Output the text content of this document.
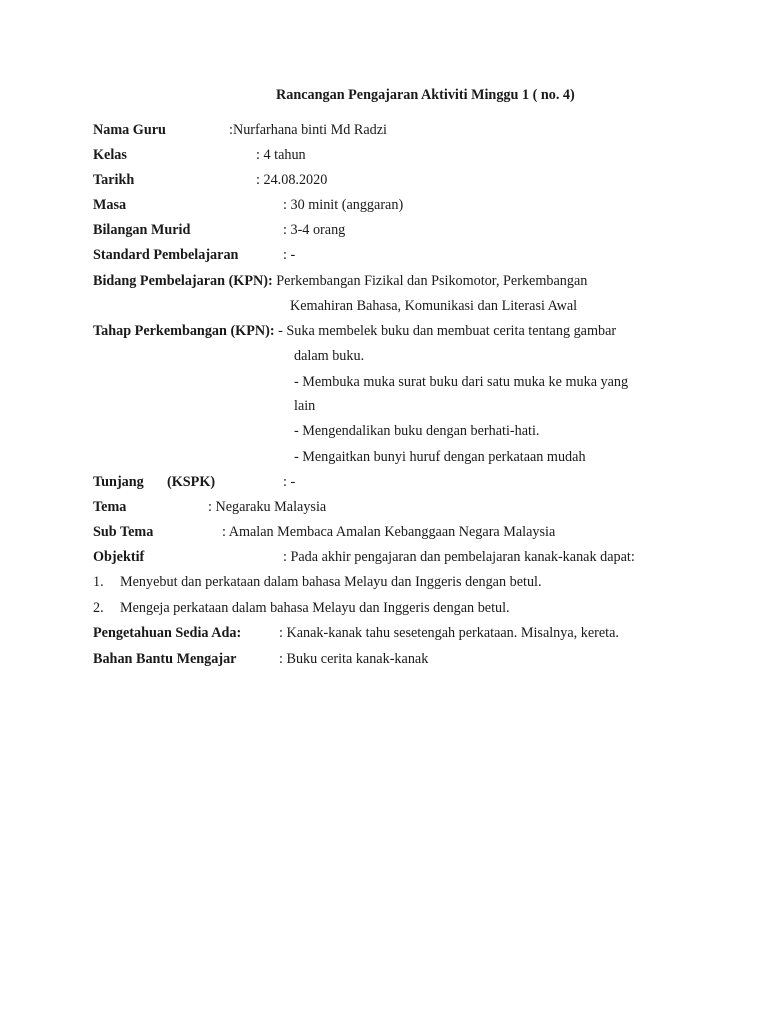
Rancangan Pengajaran Aktiviti Minggu 1 ( no. 4)
Nama Guru	:Nurfarhana binti Md Radzi
Kelas	: 4 tahun
Tarikh	: 24.08.2020
Masa	: 30 minit (anggaran)
Bilangan Murid	: 3-4 orang
Standard Pembelajaran	: -
Bidang Pembelajaran (KPN): Perkembangan Fizikal dan Psikomotor, Perkembangan
Kemahiran Bahasa, Komunikasi dan Literasi Awal
Tahap Perkembangan (KPN): - Suka membelek buku dan membuat cerita tentang gambar
dalam buku.
- Membuka muka surat buku dari satu muka ke muka yang
lain
- Mengendalikan buku dengan berhati-hati.
- Mengaitkan bunyi huruf dengan perkataan mudah
Tunjang (KSPK)	: -
Tema	: Negaraku Malaysia
Sub Tema	: Amalan Membaca Amalan Kebanggaan Negara Malaysia
Objektif	: Pada akhir pengajaran dan pembelajaran kanak-kanak dapat:
1. Menyebut dan perkataan dalam bahasa Melayu dan Inggeris dengan betul.
2. Mengeja perkataan dalam bahasa Melayu dan Inggeris dengan betul.
Pengetahuan Sedia Ada:	: Kanak-kanak tahu sesetengah perkataan. Misalnya, kereta.
Bahan Bantu Mengajar	: Buku cerita kanak-kanak
